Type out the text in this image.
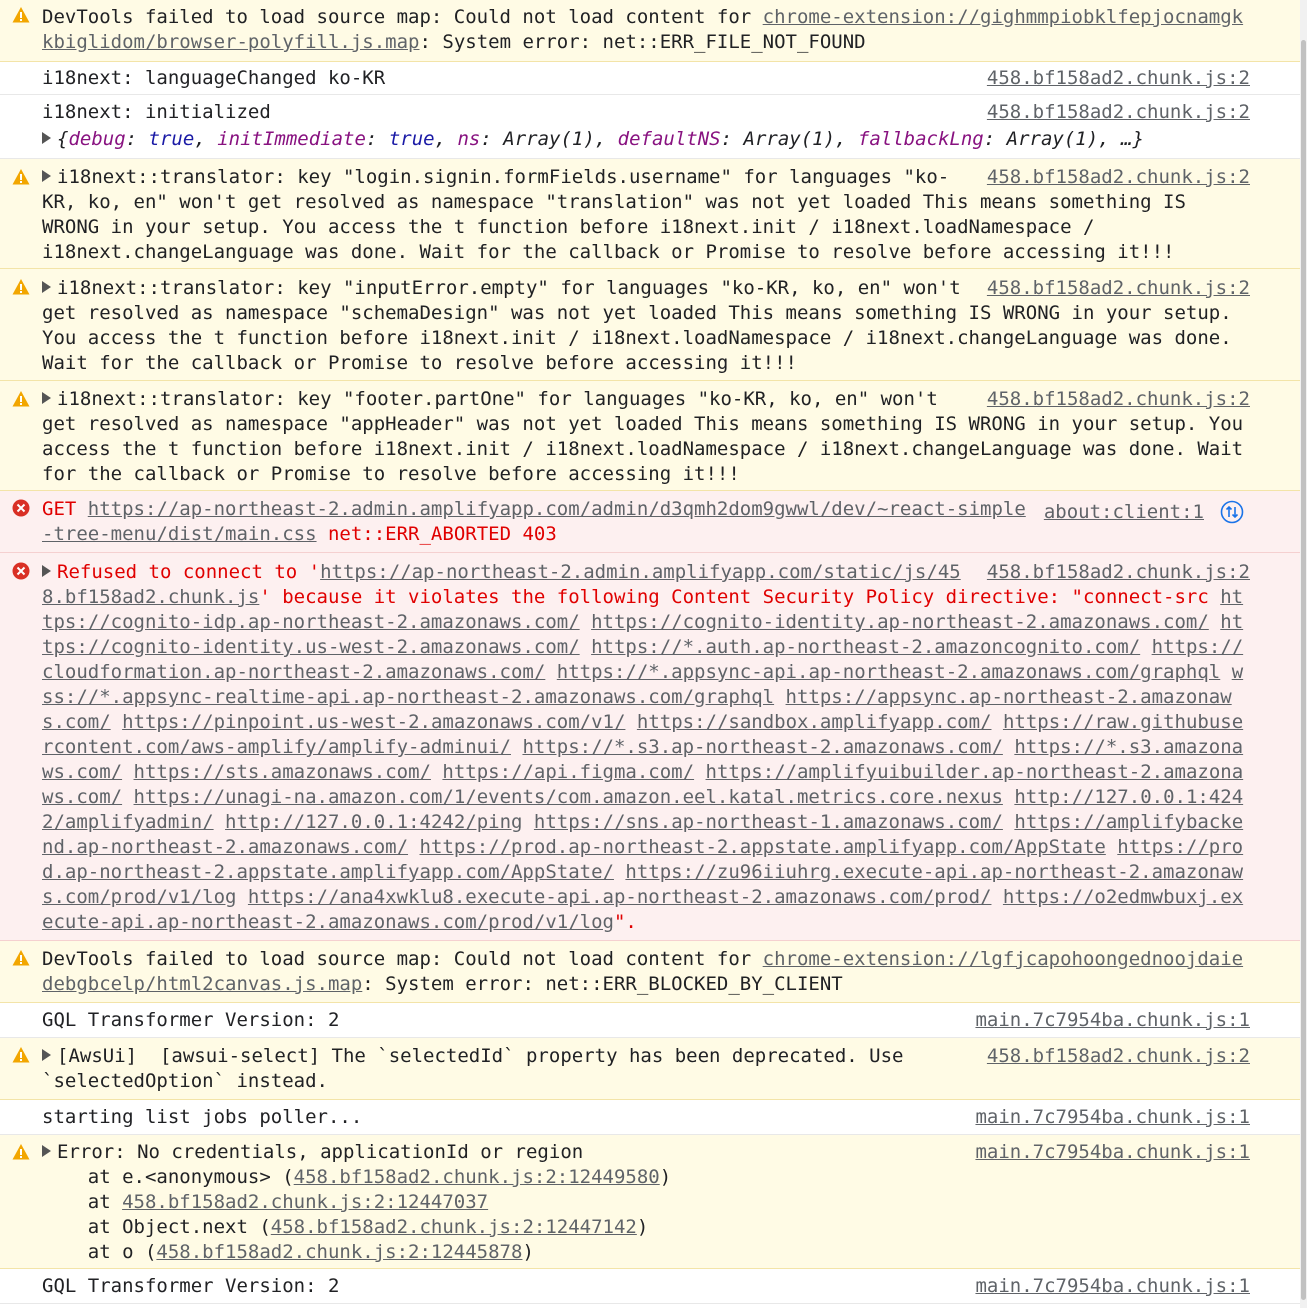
DevTools failed to load source map: Could not load content for chrome-extension://gighmmpiobklfepjocnamgk
kbiglidom/browser-polyfill.js.map: System error: net::ERR_FILE_NOT_FOUND
i18next: languageChanged ko-KR	458.bf158ad2.chunk.js:2
i18next: initialized	458.bf158ad2.chunk.js:2
{debug: true, initImmediate: true, ns: Array(1), defaultNS: Array(1), fallbackLng: Array(1), …}
i18next::translator: key "login.signin.formFields.username" for languages "ko- 458.bf158ad2.chunk.js:2
KR, ko, en" won't get resolved as namespace "translation" was not yet loaded This means something IS
WRONG in your setup. You access the t function before i18next.init / i18next.loadNamespace /
i18next.changeLanguage was done. Wait for the callback or Promise to resolve before accessing it!!!
i18next::translator: key "inputError.empty" for languages "ko-KR, ko, en" won't 458.bf158ad2.chunk.js:2
get resolved as namespace "schemaDesign" was not yet loaded This means something IS WRONG in your setup.
You access the t function before i18next.init / i18next.loadNamespace / i18next.changeLanguage was done.
Wait for the callback or Promise to resolve before accessing it!!!
i18next::translator: key "footer.partOne" for languages "ko-KR, ko, en" won't	458.bf158ad2.chunk.js:2
get resolved as namespace "appHeader" was not yet loaded This means something IS WRONG in your setup. You
access the t function before i18next.init / i18next.loadNamespace / i18next.changeLanguage was done. Wait
for the callback or Promise to resolve before accessing it!!!
GET https://ap-northeast-2.admin.amplifyapp.com/admin/d3qmh2dom9gwwl/dev/~react-simple
-tree-menu/dist/main.css net::ERR_ABORTED 403
about:client:1
458.bf158ad2.chunk.js:2
Refused to connect to 'https://ap-northeast-2.admin.amplifyapp.com/static/js/45
8.bf158ad2.chunk.js' because it violates the following Content Security Policy directive: "connect-src ht
tps://cognito-idp.ap-northeast-2.amazonaws.com/ https://cognito-identity.ap-northeast-2.amazonaws.com/ ht
tps://cognito-identity.us-west-2.amazonaws.com/ https://*.auth.ap-northeast-2.amazoncognito.com/ https://
cloudformation.ap-northeast-2.amazonaws.com/ https://*.appsync-api.ap-northeast-2.amazonaws.com/graphql w
ss://*.appsync-realtime-api.ap-northeast-2.amazonaws.com/graphql https://appsync.ap-northeast-2.amazonaw
s.com/ https://pinpoint.us-west-2.amazonaws.com/v1/ https://sandbox.amplifyapp.com/ https://raw.githubuse
rcontent.com/aws-amplify/amplify-adminui/ https://*.s3.ap-northeast-2.amazonaws.com/ https://*.s3.amazona
ws.com/ https://sts.amazonaws.com/ https://api.figma.com/ https://amplifyuibuilder.ap-northeast-2.amazona
ws.com/ https://unagi-na.amazon.com/1/events/com.amazon.eel.katal.metrics.core.nexus http://127.0.0.1:424
2/amplifyadmin/ http://127.0.0.1:4242/ping https://sns.ap-northeast-1.amazonaws.com/ https://amplifybacke
nd.ap-northeast-2.amazonaws.com/ https://prod.ap-northeast-2.appstate.amplifyapp.com/AppState https://pro
d.ap-northeast-2.appstate.amplifyapp.com/AppState/ https://zu96iiuhrg.execute-api.ap-northeast-2.amazonaw
s.com/prod/v1/log https://ana4xwklu8.execute-api.ap-northeast-2.amazonaws.com/prod/ https://o2edmwbuxj.ex
ecute-api.ap-northeast-2.amazonaws.com/prod/v1/log".
DevTools failed to load source map: Could not load content for chrome-extension://lgfjcapohoongednoojdaie
debgbcelp/html2canvas.js.map: System error: net::ERR_BLOCKED_BY_CLIENT
GQL Transformer Version: 2	main.7c7954ba.chunk.js:1
[AwsUi]  [awsui-select] The `selectedId` property has been deprecated. Use	458.bf158ad2.chunk.js:2
`selectedOption` instead.
starting list jobs poller...	main.7c7954ba.chunk.js:1
Error: No credentials, applicationId or region	main.7c7954ba.chunk.js:1
at e.<anonymous> (458.bf158ad2.chunk.js:2:12449580)
at 458.bf158ad2.chunk.js:2:12447037
at Object.next (458.bf158ad2.chunk.js:2:12447142)
at o (458.bf158ad2.chunk.js:2:12445878)
GQL Transformer Version: 2	main.7c7954ba.chunk.js:1
